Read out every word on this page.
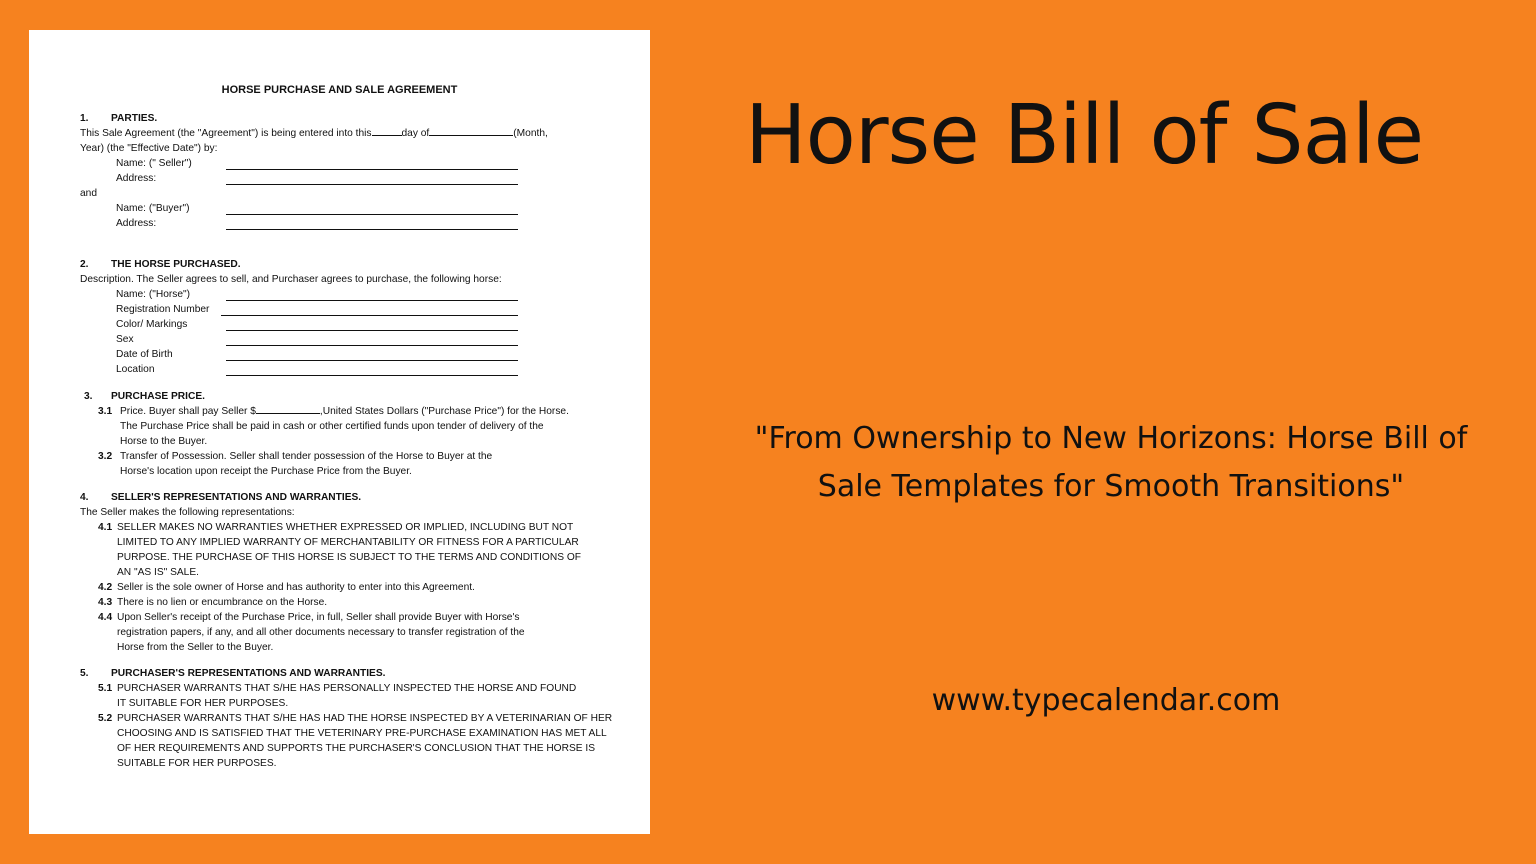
HORSE PURCHASE AND SALE AGREEMENT
1. PARTIES.
This Sale Agreement (the "Agreement") is being entered into this	day of	(Month,
Year) (the "Effective Date") by:
Name: (" Seller")
Address:
and
Name: ("Buyer")
Address:
2. THE HORSE PURCHASED.
Description. The Seller agrees to sell, and Purchaser agrees to purchase, the following horse:
Name: ("Horse")
Registration Number
Color/ Markings
Sex
Date of Birth
Location
3. PURCHASE PRICE.
3.1 Price. Buyer shall pay Seller $	,United States Dollars ("Purchase Price") for the Horse.
The Purchase Price shall be paid in cash or other certified funds upon tender of delivery of the
Horse to the Buyer.
3.2 Transfer of Possession. Seller shall tender possession of the Horse to Buyer at the
Horse's location upon receipt the Purchase Price from the Buyer.
4. SELLER'S REPRESENTATIONS AND WARRANTIES.
The Seller makes the following representations:
4.1 SELLER MAKES NO WARRANTIES WHETHER EXPRESSED OR IMPLIED, INCLUDING BUT NOT
LIMITED TO ANY IMPLIED WARRANTY OF MERCHANTABILITY OR FITNESS FOR A PARTICULAR
PURPOSE. THE PURCHASE OF THIS HORSE IS SUBJECT TO THE TERMS AND CONDITIONS OF
AN "AS IS" SALE.
4.2 Seller is the sole owner of Horse and has authority to enter into this Agreement.
4.3 There is no lien or encumbrance on the Horse.
4.4 Upon Seller's receipt of the Purchase Price, in full, Seller shall provide Buyer with Horse's
registration papers, if any, and all other documents necessary to transfer registration of the
Horse from the Seller to the Buyer.
5. PURCHASER'S REPRESENTATIONS AND WARRANTIES.
5.1 PURCHASER WARRANTS THAT S/HE HAS PERSONALLY INSPECTED THE HORSE AND FOUND
IT SUITABLE FOR HER PURPOSES.
5.2 PURCHASER WARRANTS THAT S/HE HAS HAD THE HORSE INSPECTED BY A VETERINARIAN OF HER
CHOOSING AND IS SATISFIED THAT THE VETERINARY PRE-PURCHASE EXAMINATION HAS MET ALL
OF HER REQUIREMENTS AND SUPPORTS THE PURCHASER'S CONCLUSION THAT THE HORSE IS
SUITABLE FOR HER PURPOSES.
Horse Bill of Sale
"From Ownership to New Horizons: Horse Bill of Sale Templates for Smooth Transitions"
www.typecalendar.com
